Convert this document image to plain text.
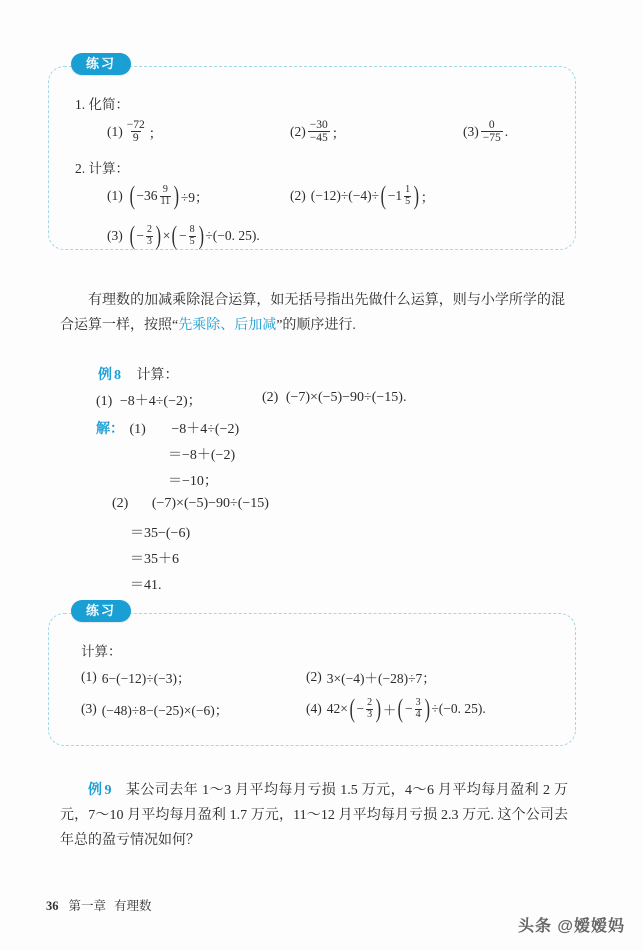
练习
1. 化简：
$(1) \frac{-72}{9}$ ；	$(2) \frac{-30}{-45}$ ；	$(3) \frac{0}{-75}$ .
2. 计算：
(1) ( $-36 \frac{9}{11}$ ) ÷9；	(2) (−12)÷(−4)÷ ( $-1 \frac{1}{5}$ ) ；
(3) ( − $\frac{2}{3}$ ) × ( − $\frac{8}{5}$ ) ÷(−0. 25).
有理数的加减乘除混合运算，如无括号指出先做什么运算，则与小学所学的混合运算一样，按照“先乘除、后加减”的顺序进行.
例 8 计算：
(1) −8＋4÷(−2)；	(2) (−7)×(−5)−90÷(−15).
解： (1) −8＋4÷(−2)
＝−8＋(−2)
＝−10；
(2) (−7)×(−5)−90÷(−15)
＝35−(−6)
＝35＋6
＝41.
练习
计算：
(1) 6−(−12)÷(−3)；	(2) 3×(−4)＋(−28)÷7；
(3) (−48)÷8−(−25)×(−6)；	(4) 42× ( − $\frac{2}{3}$ ) ＋ ( − $\frac{3}{4}$ ) ÷(−0. 25).
例 9 某公司去年 1～3 月平均每月亏损 1.5 万元，4～6 月平均每月盈利 2 万元，7～10 月平均每月盈利 1.7 万元，11～12 月平均每月亏损 2.3 万元. 这个公司去年总的盈亏情况如何？
36 第一章 有理数
头条 @嫒嫒妈
